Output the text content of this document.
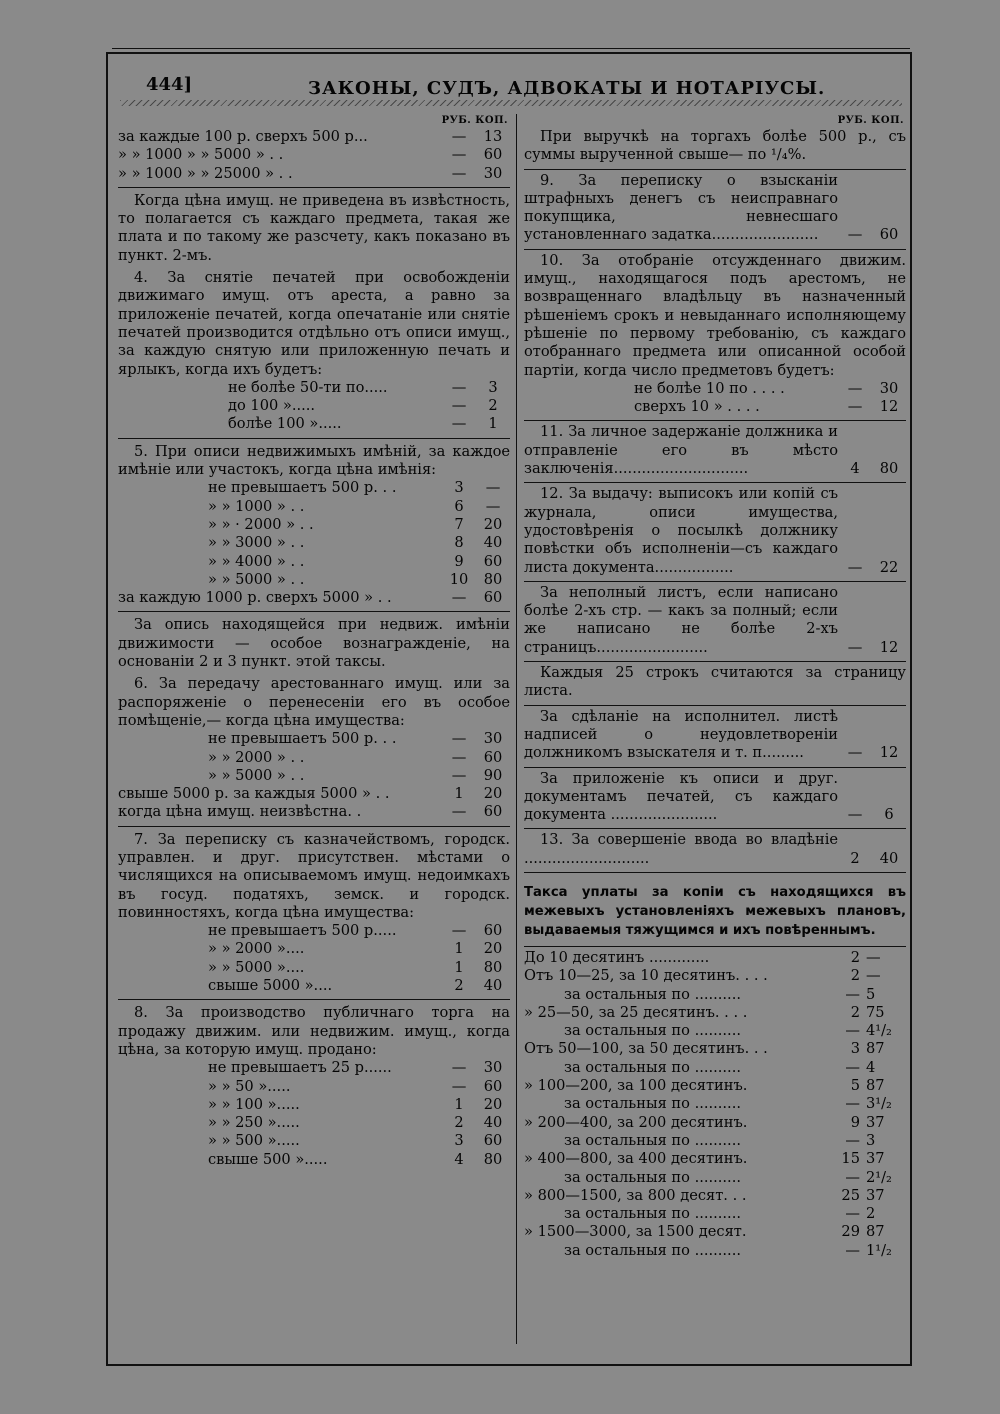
444]	ЗАКОНЫ, СУДЪ, АДВОКАТЫ И НОТАРIУСЫ.
РУБ. КОП.
за каждые 100 р. сверхъ 500 р...	—	13
» » 1000 » » 5000 » . .	—	60
» » 1000 » » 25000 » . .	—	30
Когда цѣна имущ. не приведена въ извѣстность, то полагается съ каждаго предмета, такая же плата и по такому же разсчету, какъ показано въ пункт. 2-мъ.
4. За снятiе печатей при освобожденiи движимаго имущ. отъ ареста, а равно за приложенiе печатей, когда опечатанiе или снятiе печатей производится отдѣльно отъ описи имущ., за каждую снятую или приложенную печать и ярлыкъ, когда ихъ будетъ:
не болѣе 50-ти по.....	—	3
до 100 ».....	—	2
болѣе 100 ».....	—	1
5. При описи недвижимыхъ имѣнiй, за каждое имѣнiе или участокъ, когда цѣна имѣнiя:
не превышаетъ 500 р. . .	3	—
» » 1000 » . .	6	—
» » · 2000 » . .	7	20
» » 3000 » . .	8	40
» » 4000 » . .	9	60
» » 5000 » . .	10	80
за каждую 1000 р. сверхъ 5000 » . .	—	60
За опись находящейся при недвиж. имѣнiи движимости — особое вознагражденiе, на основанiи 2 и 3 пункт. этой таксы.
6. За передачу арестованнаго имущ. или за распоряженiе о перенесенiи его въ особое помѣщенiе,— когда цѣна имущества:
не превышаетъ 500 р. . .	—	30
» » 2000 » . .	—	60
» » 5000 » . .	—	90
свыше 5000 р. за каждыя 5000 » . .	1	20
когда цѣна имущ. неизвѣстна. .	—	60
7. За переписку съ казначействомъ, городск. управлен. и друг. присутствен. мѣстами о числящихся на описываемомъ имущ. недоимкахъ въ госуд. податяхъ, земск. и городск. повинностяхъ, когда цѣна имущества:
не превышаетъ 500 р.....	—	60
» » 2000 »....	1	20
» » 5000 »....	1	80
свыше 5000 »....	2	40
8. За производство публичнаго торга на продажу движим. или недвижим. имущ., когда цѣна, за которую имущ. продано:
не превышаетъ 25 р......	—	30
» » 50 ».....	—	60
» » 100 ».....	1	20
» » 250 ».....	2	40
» » 500 ».....	3	60
свыше 500 ».....	4	80
РУБ. КОП.
При выручкѣ на торгахъ болѣе 500 р., съ суммы вырученной свыше— по ¹/₄%.
9. За переписку о взысканiи штрафныхъ денегъ съ неисправнаго покупщика, невнесшаго установленнаго задатка.......................	—	60
10. За отобранiе отсужденнаго движим. имущ., находящагося подъ арестомъ, не возвращеннаго владѣльцу въ назначенный рѣшенiемъ срокъ и невыданнаго исполняющему рѣшенiе по первому требованiю, съ каждаго отобраннаго предмета или описанной особой партiи, когда число предметовъ будетъ:
не болѣе 10 по . . . .	—	30
сверхъ 10 » . . . .	—	12
11. За личное задержанiе должника и отправленiе его въ мѣсто заключенiя.............................	4	80
12. За выдачу: выписокъ или копiй съ журнала, описи имущества, удостовѣренiя о посылкѣ должнику повѣстки объ исполненiи—съ каждаго листа документа.................	—	22
За неполный листъ, если написано болѣе 2-хъ стр. — какъ за полный; если же написано не болѣе 2-хъ страницъ........................	—	12
Каждыя 25 строкъ считаются за страницу листа.
За сдѣланiе на исполнител. листѣ надписей о неудовлетворенiи должникомъ взыскателя и т. п.........	—	12
За приложенiе къ описи и друг. документамъ печатей, съ каждаго документа .......................	—	6
13. За совершенiе ввода во владѣнiе ...........................	2	40
Такса уплаты за копiи съ находящихся въ межевыхъ установленiяхъ межевыхъ плановъ, выдаваемыя тяжущимся и ихъ повѣреннымъ.
До 10 десятинъ .............	2 —
Отъ 10—25, за 10 десятинъ. . . .	2 —
за остальныя по ..........	— 5
» 25—50, за 25 десятинъ. . . .	2 75
за остальныя по ..........	— 4¹/₂
Отъ 50—100, за 50 десятинъ. . .	3 87
за остальныя по ..........	— 4
» 100—200, за 100 десятинъ.	5 87
за остальныя по ..........	— 3¹/₂
» 200—400, за 200 десятинъ.	9 37
за остальныя по ..........	— 3
» 400—800, за 400 десятинъ.	15 37
за остальныя по ..........	— 2¹/₂
» 800—1500, за 800 десят. . .	25 37
за остальныя по ..........	— 2
» 1500—3000, за 1500 десят.	29 87
за остальныя по ..........	— 1¹/₂
